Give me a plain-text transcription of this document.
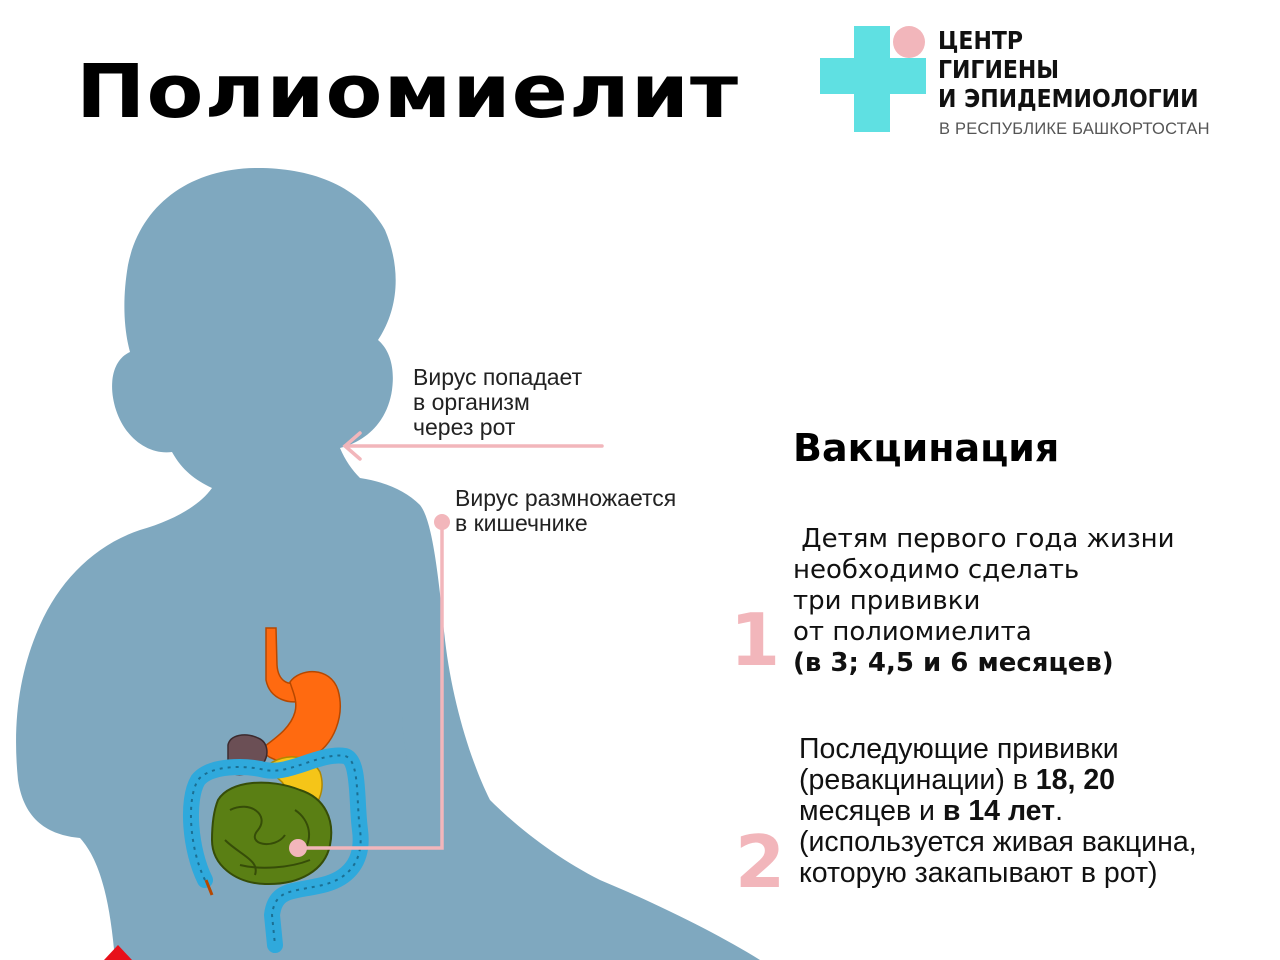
Полиомиелит
ЦЕНТР
ГИГИЕНЫ
И ЭПИДЕМИОЛОГИИ
В РЕСПУБЛИКЕ БАШКОРТОСТАН
Вирус попадает
в организм
через рот
Вирус размножается
в кишечнике
Вакцинация
1
Детям первого года жизни
необходимо сделать
три прививки
от полиомиелита
(в 3; 4,5 и 6 месяцев)
2
Последующие прививки
(ревакцинации) в 18, 20
месяцев и в 14 лет.
(используется живая вакцина,
которую закапывают в рот)
